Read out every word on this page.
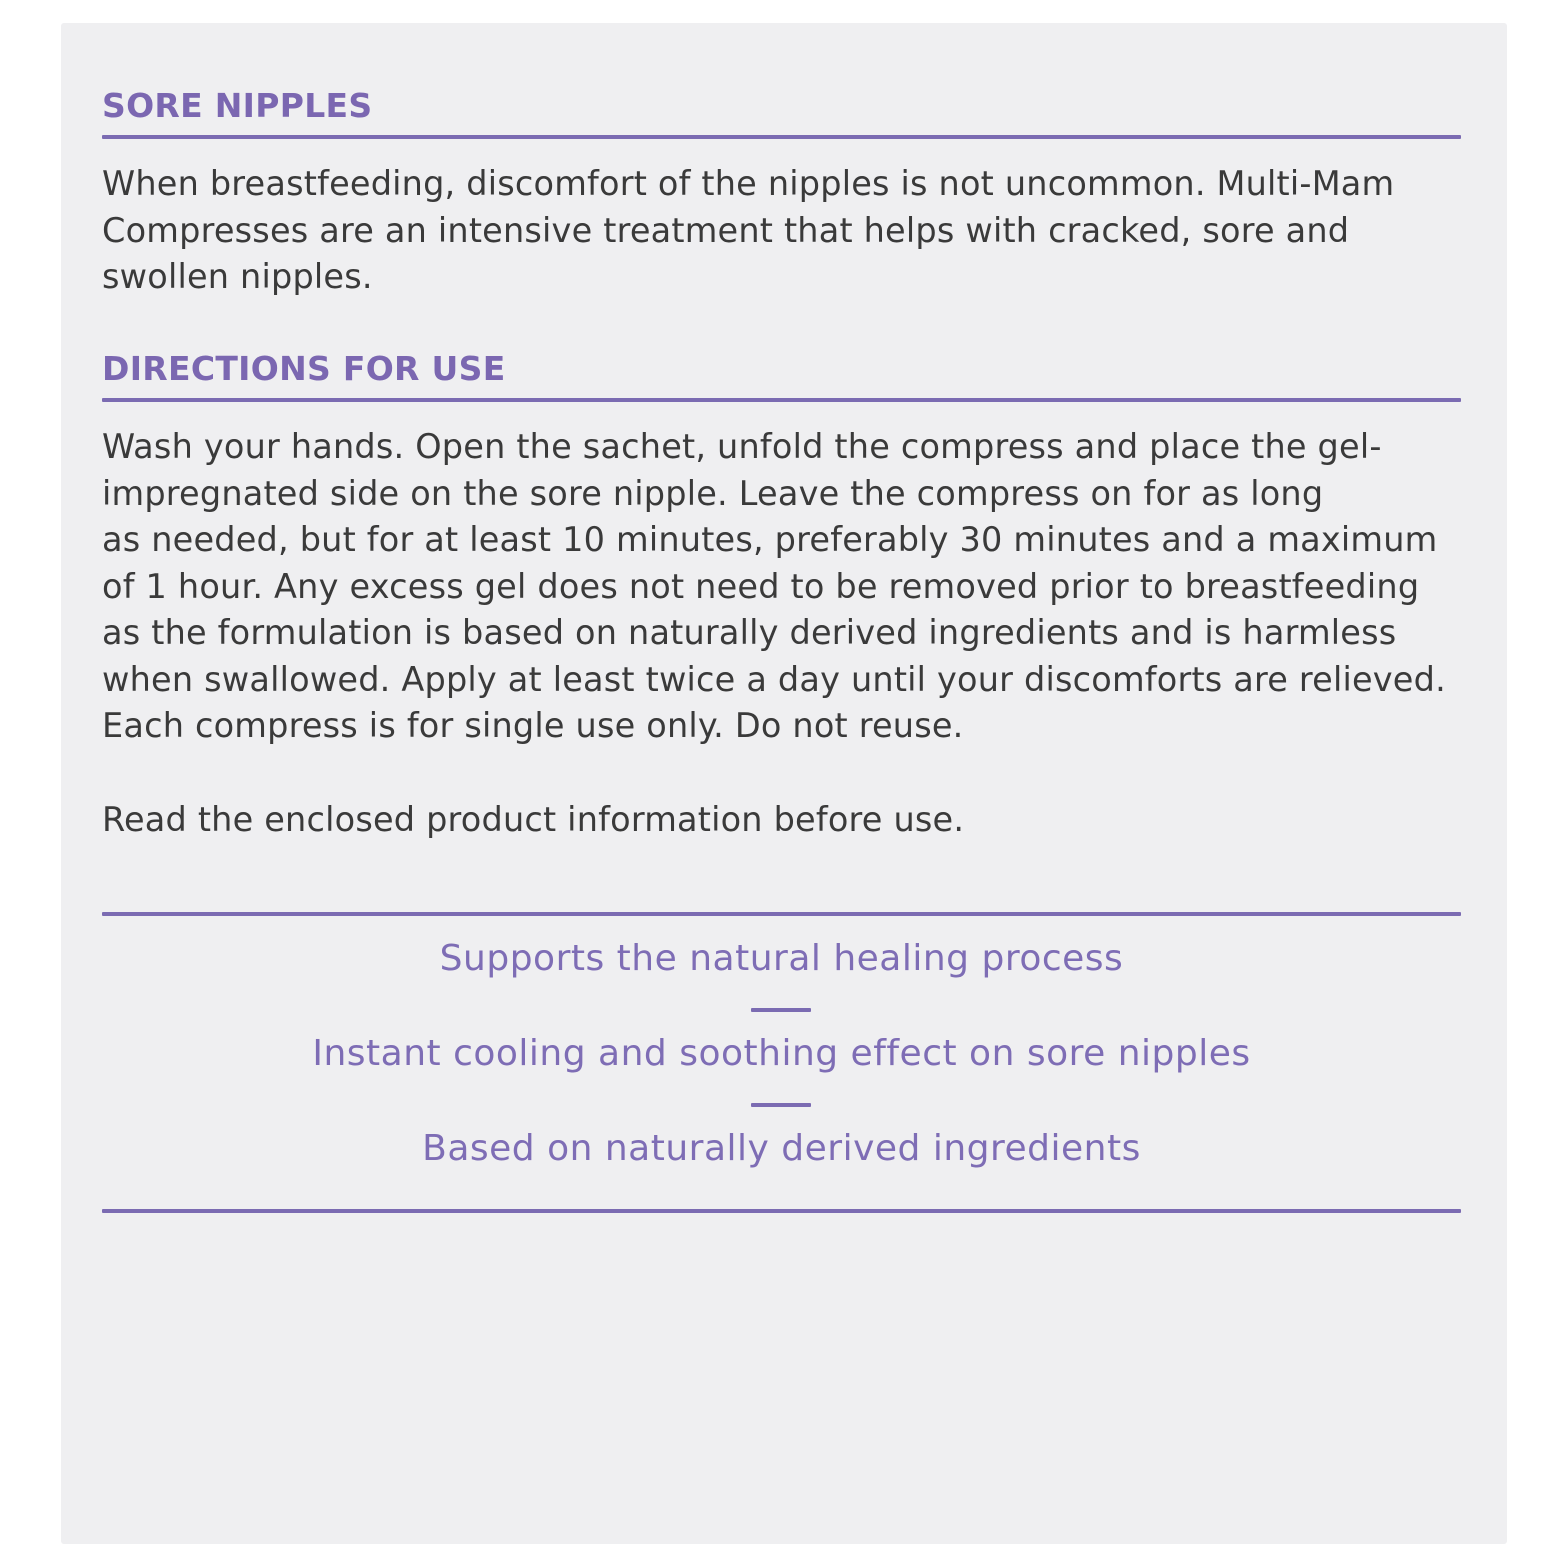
SORE NIPPLES
When breastfeeding, discomfort of the nipples is not uncommon. Multi-Mam
Compresses are an intensive treatment that helps with cracked, sore and
swollen nipples.
DIRECTIONS FOR USE
Wash your hands. Open the sachet, unfold the compress and place the gel-
impregnated side on the sore nipple. Leave the compress on for as long
as needed, but for at least 10 minutes, preferably 30 minutes and a maximum
of 1 hour. Any excess gel does not need to be removed prior to breastfeeding
as the formulation is based on naturally derived ingredients and is harmless
when swallowed. Apply at least twice a day until your discomforts are relieved.
Each compress is for single use only. Do not reuse.
Read the enclosed product information before use.
Supports the natural healing process
Instant cooling and soothing effect on sore nipples
Based on naturally derived ingredients
